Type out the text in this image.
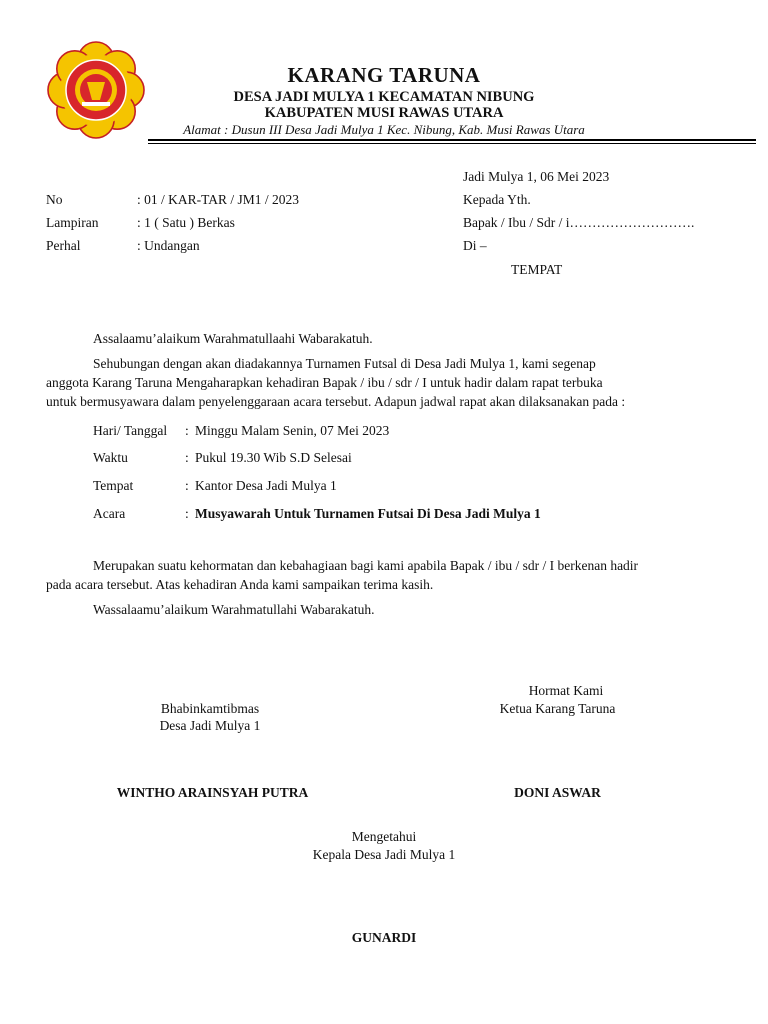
KARANG TARUNA
DESA JADI MULYA 1 KECAMATAN NIBUNG
KABUPATEN MUSI RAWAS UTARA
Alamat : Dusun III Desa Jadi Mulya 1 Kec. Nibung, Kab. Musi Rawas Utara
Jadi Mulya 1, 06 Mei 2023
No	: 01 / KAR-TAR / JM1 / 2023
Lampiran	: 1 ( Satu ) Berkas
Perhal	: Undangan
Kepada Yth.
Bapak / Ibu / Sdr / i……………………….
Di –
TEMPAT
Assalaamu’alaikum Warahmatullaahi Wabarakatuh.
Sehubungan dengan akan diadakannya Turnamen Futsal di Desa Jadi Mulya 1, kami segenap
anggota Karang Taruna Mengaharapkan kehadiran Bapak / ibu / sdr / I untuk hadir dalam rapat terbuka
untuk bermusyawara dalam penyelenggaraan acara tersebut. Adapun jadwal rapat akan dilaksanakan pada :
Hari/ Tanggal : Minggu Malam Senin, 07 Mei 2023
Waktu	: Pukul 19.30 Wib S.D Selesai
Tempat	: Kantor Desa Jadi Mulya 1
Acara	: Musyawarah Untuk Turnamen Futsai Di Desa Jadi Mulya 1
Merupakan suatu kehormatan dan kebahagiaan bagi kami apabila Bapak / ibu / sdr / I berkenan hadir
pada acara tersebut. Atas kehadiran Anda kami sampaikan terima kasih.
Wassalaamu’alaikum Warahmatullahi Wabarakatuh.
Hormat Kami
Ketua Karang Taruna
Bhabinkamtibmas
Desa Jadi Mulya 1
WINTHO ARAINSYAH PUTRA	DONI ASWAR
Mengetahui
Kepala Desa Jadi Mulya 1
GUNARDI
